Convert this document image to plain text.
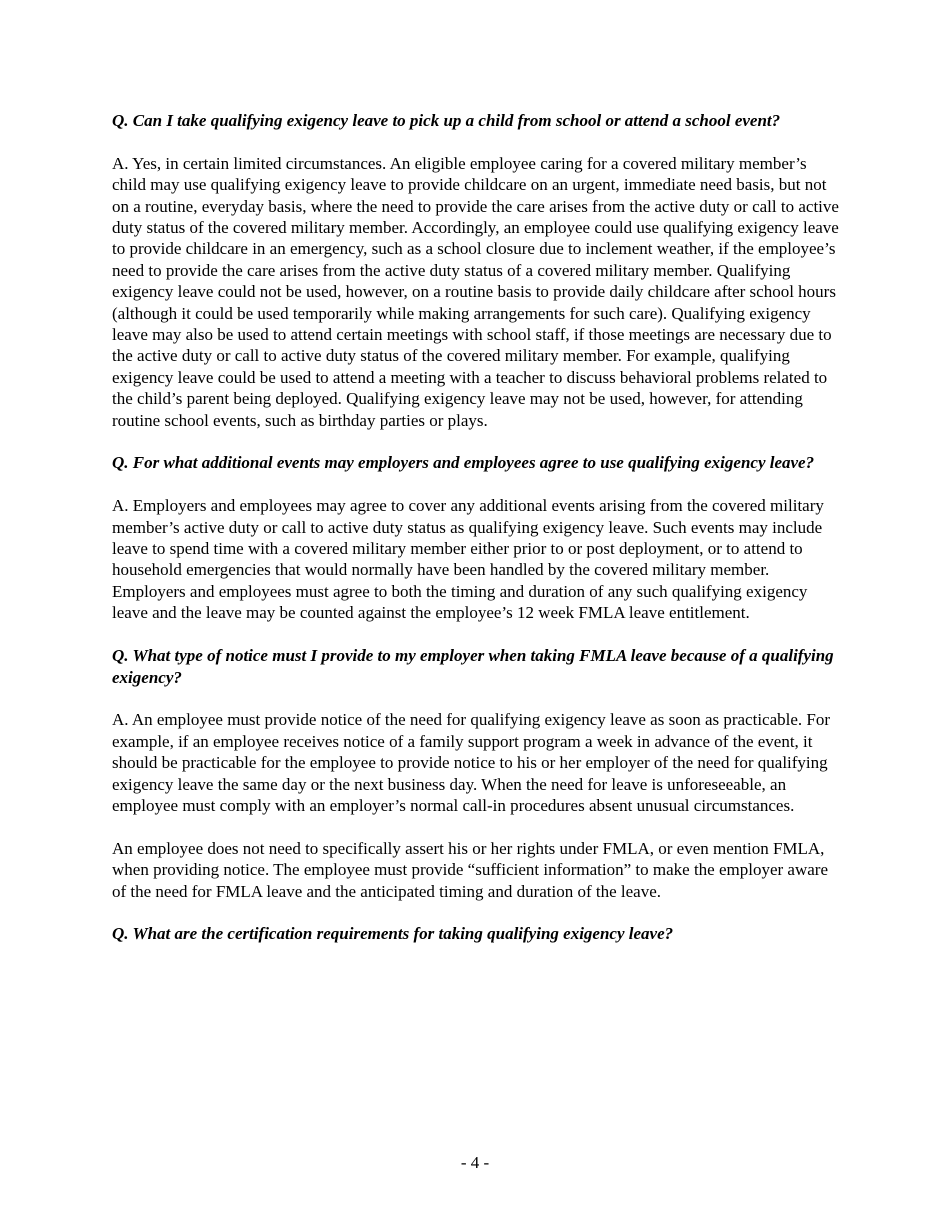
Q. Can I take qualifying exigency leave to pick up a child from school or attend a school event?

A. Yes, in certain limited circumstances. An eligible employee caring for a covered military member’s child may use qualifying exigency leave to provide childcare on an urgent, immediate need basis, but not on a routine, everyday basis, where the need to provide the care arises from the active duty or call to active duty status of the covered military member. Accordingly, an employee could use qualifying exigency leave to provide childcare in an emergency, such as a school closure due to inclement weather, if the employee’s need to provide the care arises from the active duty status of a covered military member. Qualifying exigency leave could not be used, however, on a routine basis to provide daily childcare after school hours (although it could be used temporarily while making arrangements for such care). Qualifying exigency leave may also be used to attend certain meetings with school staff, if those meetings are necessary due to the active duty or call to active duty status of the covered military member. For example, qualifying exigency leave could be used to attend a meeting with a teacher to discuss behavioral problems related to the child’s parent being deployed. Qualifying exigency leave may not be used, however, for attending routine school events, such as birthday parties or plays.

Q. For what additional events may employers and employees agree to use qualifying exigency leave?

A. Employers and employees may agree to cover any additional events arising from the covered military member’s active duty or call to active duty status as qualifying exigency leave. Such events may include leave to spend time with a covered military member either prior to or post deployment, or to attend to household emergencies that would normally have been handled by the covered military member. Employers and employees must agree to both the timing and duration of any such qualifying exigency leave and the leave may be counted against the employee’s 12 week FMLA leave entitlement.

Q. What type of notice must I provide to my employer when taking FMLA leave because of a qualifying exigency?

A. An employee must provide notice of the need for qualifying exigency leave as soon as practicable. For example, if an employee receives notice of a family support program a week in advance of the event, it should be practicable for the employee to provide notice to his or her employer of the need for qualifying exigency leave the same day or the next business day. When the need for leave is unforeseeable, an employee must comply with an employer’s normal call-in procedures absent unusual circumstances.

An employee does not need to specifically assert his or her rights under FMLA, or even mention FMLA, when providing notice. The employee must provide “sufficient information” to make the employer aware of the need for FMLA leave and the anticipated timing and duration of the leave.

Q. What are the certification requirements for taking qualifying exigency leave?

- 4 -
